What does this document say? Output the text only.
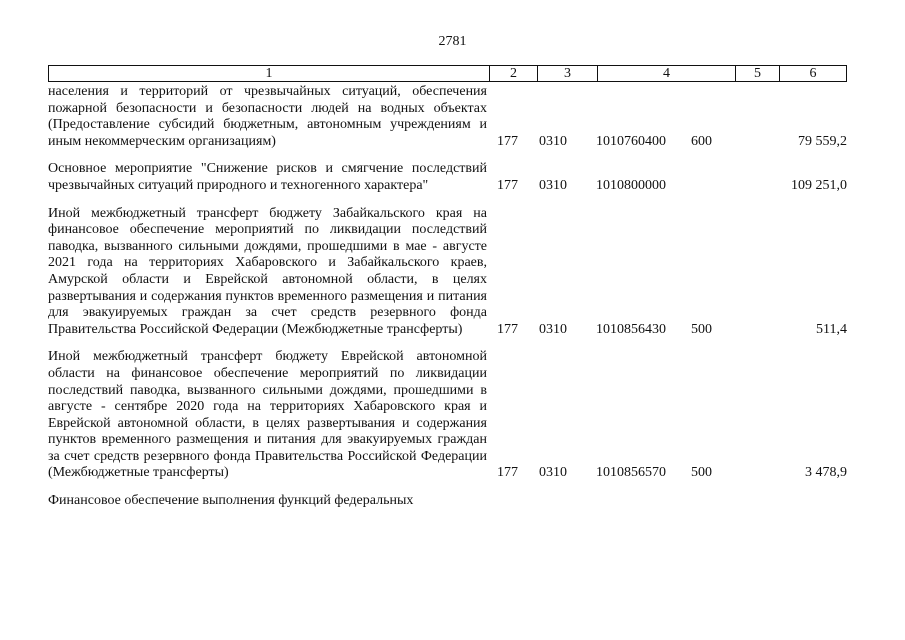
2781
1	2	3	4	5	6
населения и территорий от чрезвычайных ситуаций, обеспечения пожарной безопасности и безопасности людей на водных объектах (Предоставление субсидий бюджетным, автономным учреждениям и иным некоммерческим организациям)	177 0310 1010760400 600	79 559,2
Основное мероприятие "Снижение рисков и смягчение последствий чрезвычайных ситуаций природного и техногенного характера"	177 0310 1010800000	109 251,0
Иной межбюджетный трансферт бюджету Забайкальского края на финансовое обеспечение мероприятий по ликвидации последствий паводка, вызванного сильными дождями, прошедшими в мае - августе 2021 года на территориях Хабаровского и Забайкальского краев, Амурской области и Еврейской автономной области, в целях развертывания и содержания пунктов временного размещения и питания для эвакуируемых граждан за счет средств резервного фонда Правительства Российской Федерации (Межбюджетные трансферты)	177 0310 1010856430 500	511,4
Иной межбюджетный трансферт бюджету Еврейской автономной области на финансовое обеспечение мероприятий по ликвидации последствий паводка, вызванного сильными дождями, прошедшими в августе - сентябре 2020 года на территориях Хабаровского края и Еврейской автономной области, в целях развертывания и содержания пунктов временного размещения и питания для эвакуируемых граждан за счет средств резервного фонда Правительства Российской Федерации (Межбюджетные трансферты)	177 0310 1010856570 500	3 478,9
Финансовое обеспечение выполнения функций федеральных
